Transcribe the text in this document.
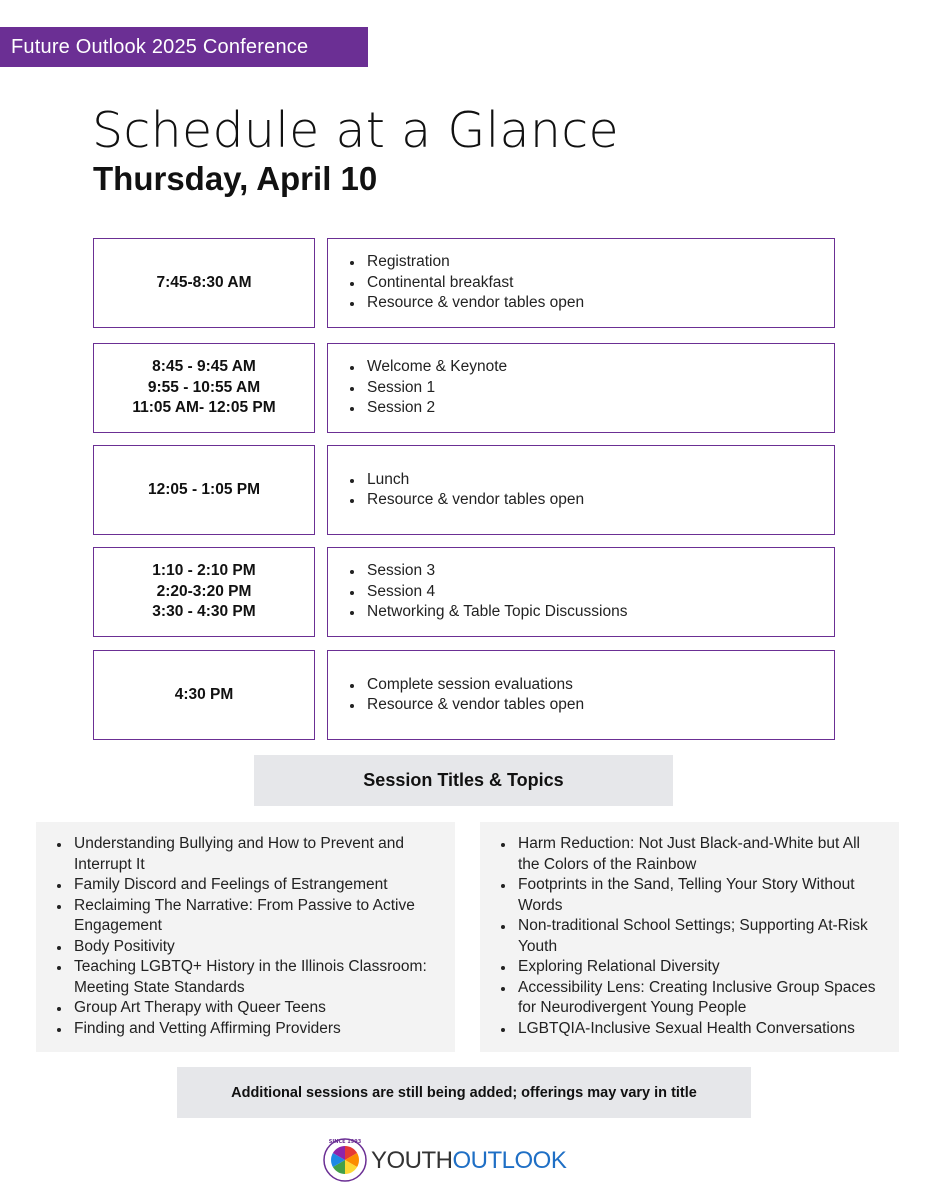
Future Outlook 2025 Conference
Schedule at a Glance
Thursday, April 10
7:45-8:30 AM
Registration
Continental breakfast
Resource & vendor tables open
8:45 - 9:45 AM
9:55 - 10:55 AM
11:05 AM- 12:05 PM
Welcome & Keynote
Session 1
Session 2
12:05 - 1:05 PM
Lunch
Resource & vendor tables open
1:10 - 2:10 PM
2:20-3:20 PM
3:30 - 4:30 PM
Session 3
Session 4
Networking & Table Topic Discussions
4:30 PM
Complete session evaluations
Resource & vendor tables open
Session Titles & Topics
Understanding Bullying and How to Prevent and Interrupt It
Family Discord and Feelings of Estrangement
Reclaiming The Narrative: From Passive to Active Engagement
Body Positivity
Teaching LGBTQ+ History in the Illinois Classroom: Meeting State Standards
Group Art Therapy with Queer Teens
Finding and Vetting Affirming Providers
Harm Reduction: Not Just Black-and-White but All the Colors of the Rainbow
Footprints in the Sand, Telling Your Story Without Words
Non-traditional School Settings; Supporting At-Risk Youth
Exploring Relational Diversity
Accessibility Lens: Creating Inclusive Group Spaces for Neurodivergent Young People
LGBTQIA-Inclusive Sexual Health Conversations
Additional sessions are still being added; offerings may vary in title
SINCE 1993
YOUTHOUTLOOK
